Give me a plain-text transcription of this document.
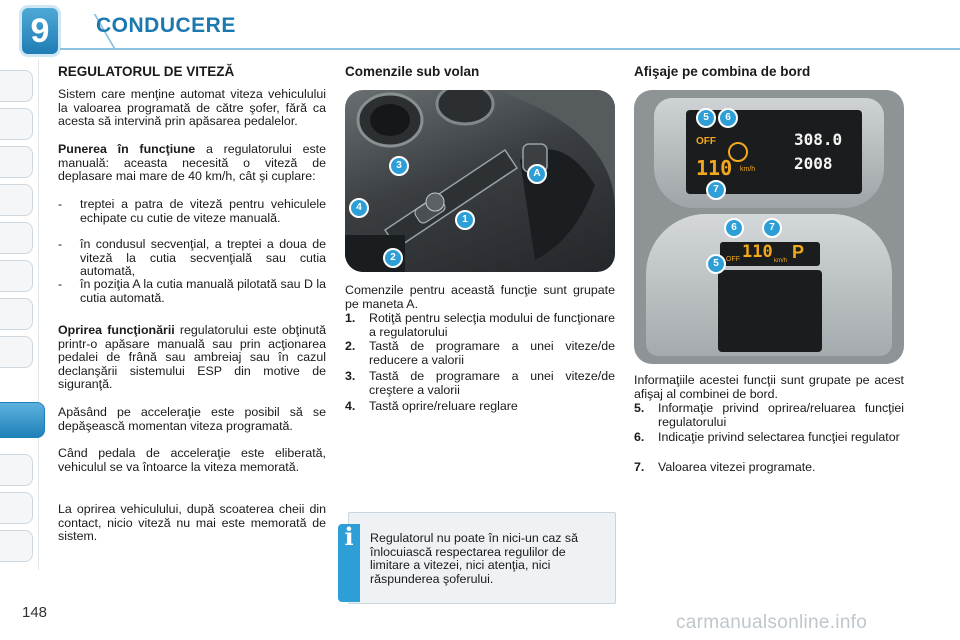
9	CONDUCERE
REGULATORUL DE VITEZĂ

Sistem care menţine automat viteza vehiculului la valoarea programată de către şofer, fără ca acesta să intervină prin apăsarea pedalelor.

Punerea în funcţiune a regulatorului este manuală: aceasta necesită o viteză de deplasare mai mare de 40 km/h, cât şi cuplare:

- treptei a patra de viteză pentru vehiculele echipate cu cutie de viteze manuală.
- în condusul secvenţial, a treptei a doua de viteză la cutia secvenţială sau cutia automată,
- în poziţia A la cutia manuală pilotată sau D la cutia automată.

Oprirea funcţionării regulatorului este obţinută printr-o apăsare manuală sau prin acţionarea pedalei de frână sau ambreiaj sau în cazul declanşării sistemului ESP din motive de siguranţă.

Apăsând pe acceleraţie este posibil să se depăşească momentan viteza programată.

Când pedala de acceleraţie este eliberată, vehiculul se va întoarce la viteza memorată.

La oprirea vehiculului, după scoaterea cheii din contact, nicio viteză nu mai este memorată de sistem.

Comenzile sub volan
3
4
1
2
A

Comenzile pentru această funcţie sunt grupate pe maneta A.

1. Rotiţă pentru selecţia modului de funcţionare a regulatorului
2. Tastă de programare a unei viteze/de reducere a valorii
3. Tastă de programare a unei viteze/de creştere a valorii
4. Tastă oprire/reluare reglare
i	Regulatorul nu poate în nici-un caz să înlocuiască respectarea regulilor de limitare a vitezei, nici atenţia, nici răspunderea şoferului.

Afişaje pe combina de bord
OFF
110 km/h
308.0
2008
5	6
7
OFF 110 km/h P
6	7
5

Informaţiile acestei funcţii sunt grupate pe acest afişaj al combinei de bord.

5. Informaţie privind oprirea/reluarea funcţiei regulatorului
6. Indicaţie privind selectarea funcţiei regulator
7. Valoarea vitezei programate.
148	carmanualsonline.info
